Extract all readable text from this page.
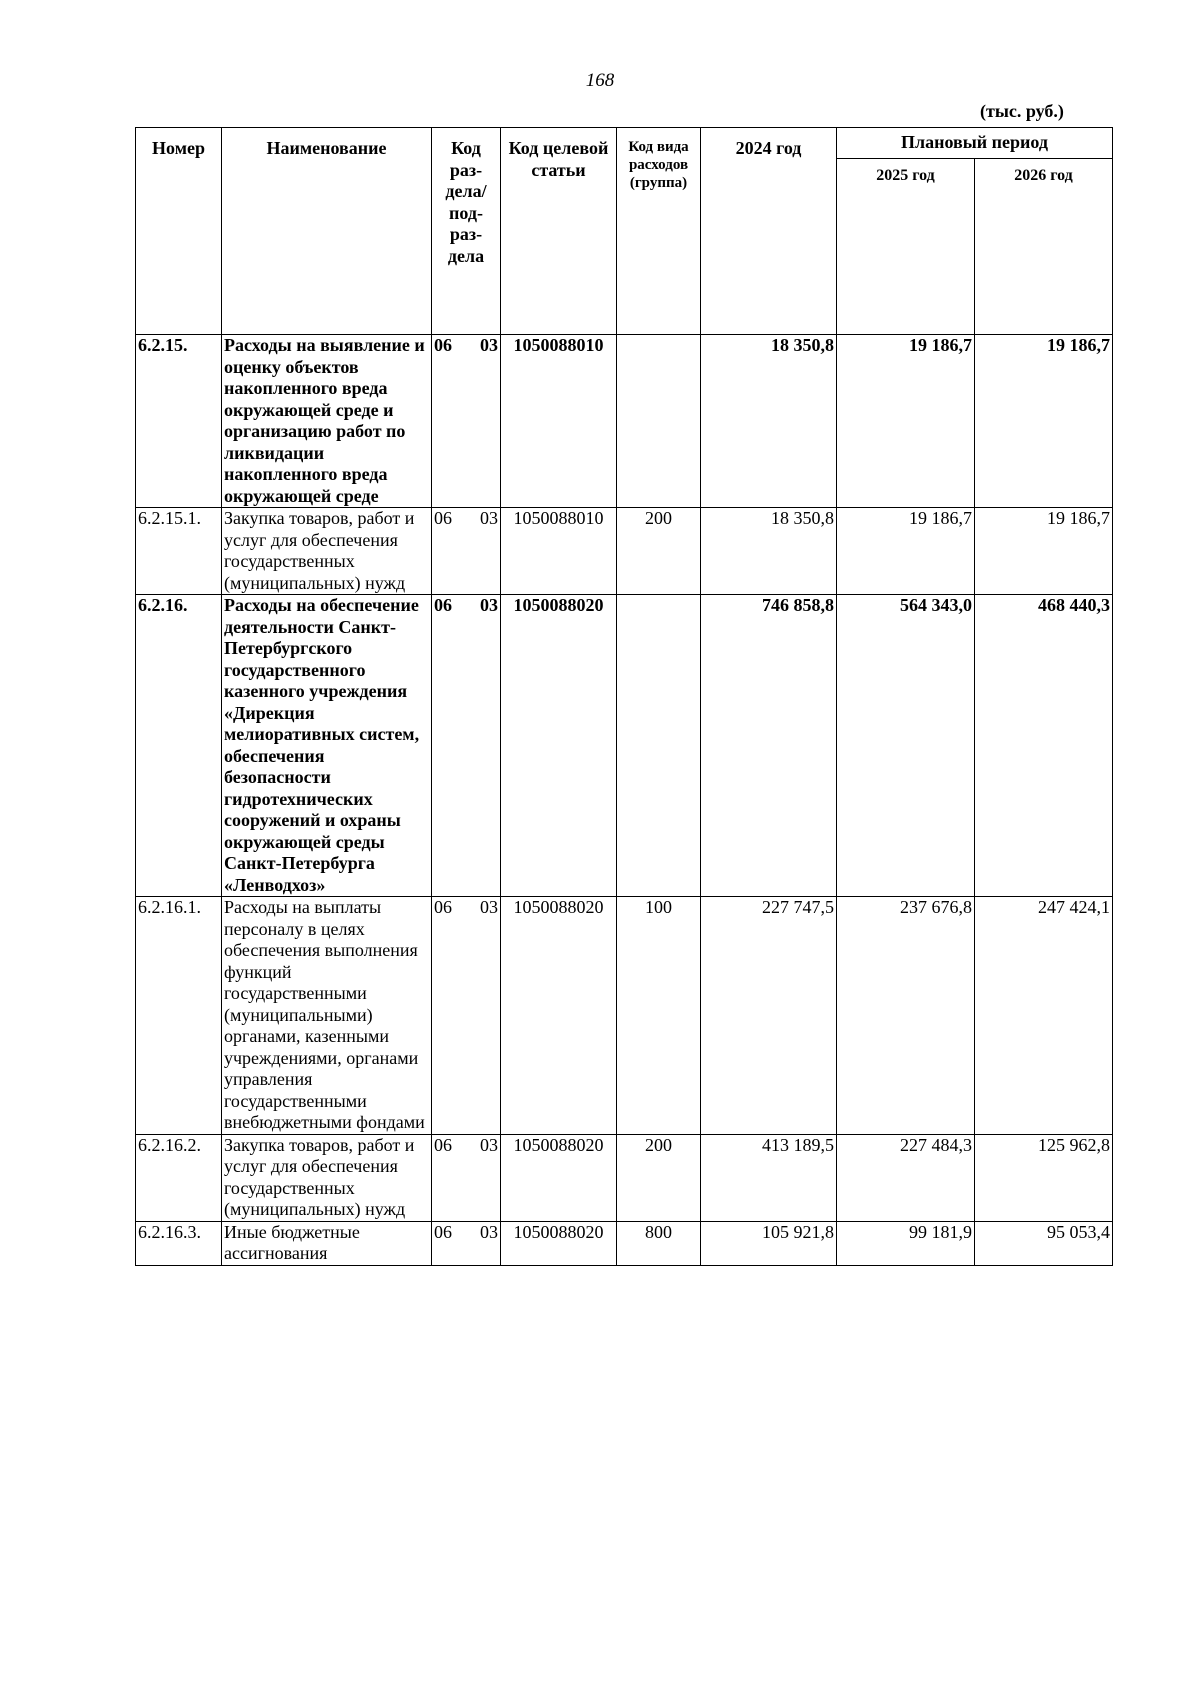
168
(тыс. руб.)
Номер	Наименование	Код раз- дела/ под- раз- дела	Код целевой статьи	Код вида расходов (группа)	2024 год	Плановый период	
						2025 год	2026 год
6.2.15.	Расходы на выявление и оценку объектов накопленного вреда окружающей среде и организацию работ по ликвидации накопленного вреда окружающей среде	06 03	1050088010		18 350,8	19 186,7	19 186,7
6.2.15.1.	Закупка товаров, работ и услуг для обеспечения государственных (муниципальных) нужд	06 03	1050088010	200	18 350,8	19 186,7	19 186,7
6.2.16.	Расходы на обеспечение деятельности Санкт-Петербургского государственного казенного учреждения «Дирекция мелиоративных систем, обеспечения безопасности гидротехнических сооружений и охраны окружающей среды Санкт-Петербурга «Ленводхоз»	06 03	1050088020		746 858,8	564 343,0	468 440,3
6.2.16.1.	Расходы на выплаты персоналу в целях обеспечения выполнения функций государственными (муниципальными) органами, казенными учреждениями, органами управления государственными внебюджетными фондами	06 03	1050088020	100	227 747,5	237 676,8	247 424,1
6.2.16.2.	Закупка товаров, работ и услуг для обеспечения государственных (муниципальных) нужд	06 03	1050088020	200	413 189,5	227 484,3	125 962,8
6.2.16.3.	Иные бюджетные ассигнования	06 03	1050088020	800	105 921,8	99 181,9	95 053,4
